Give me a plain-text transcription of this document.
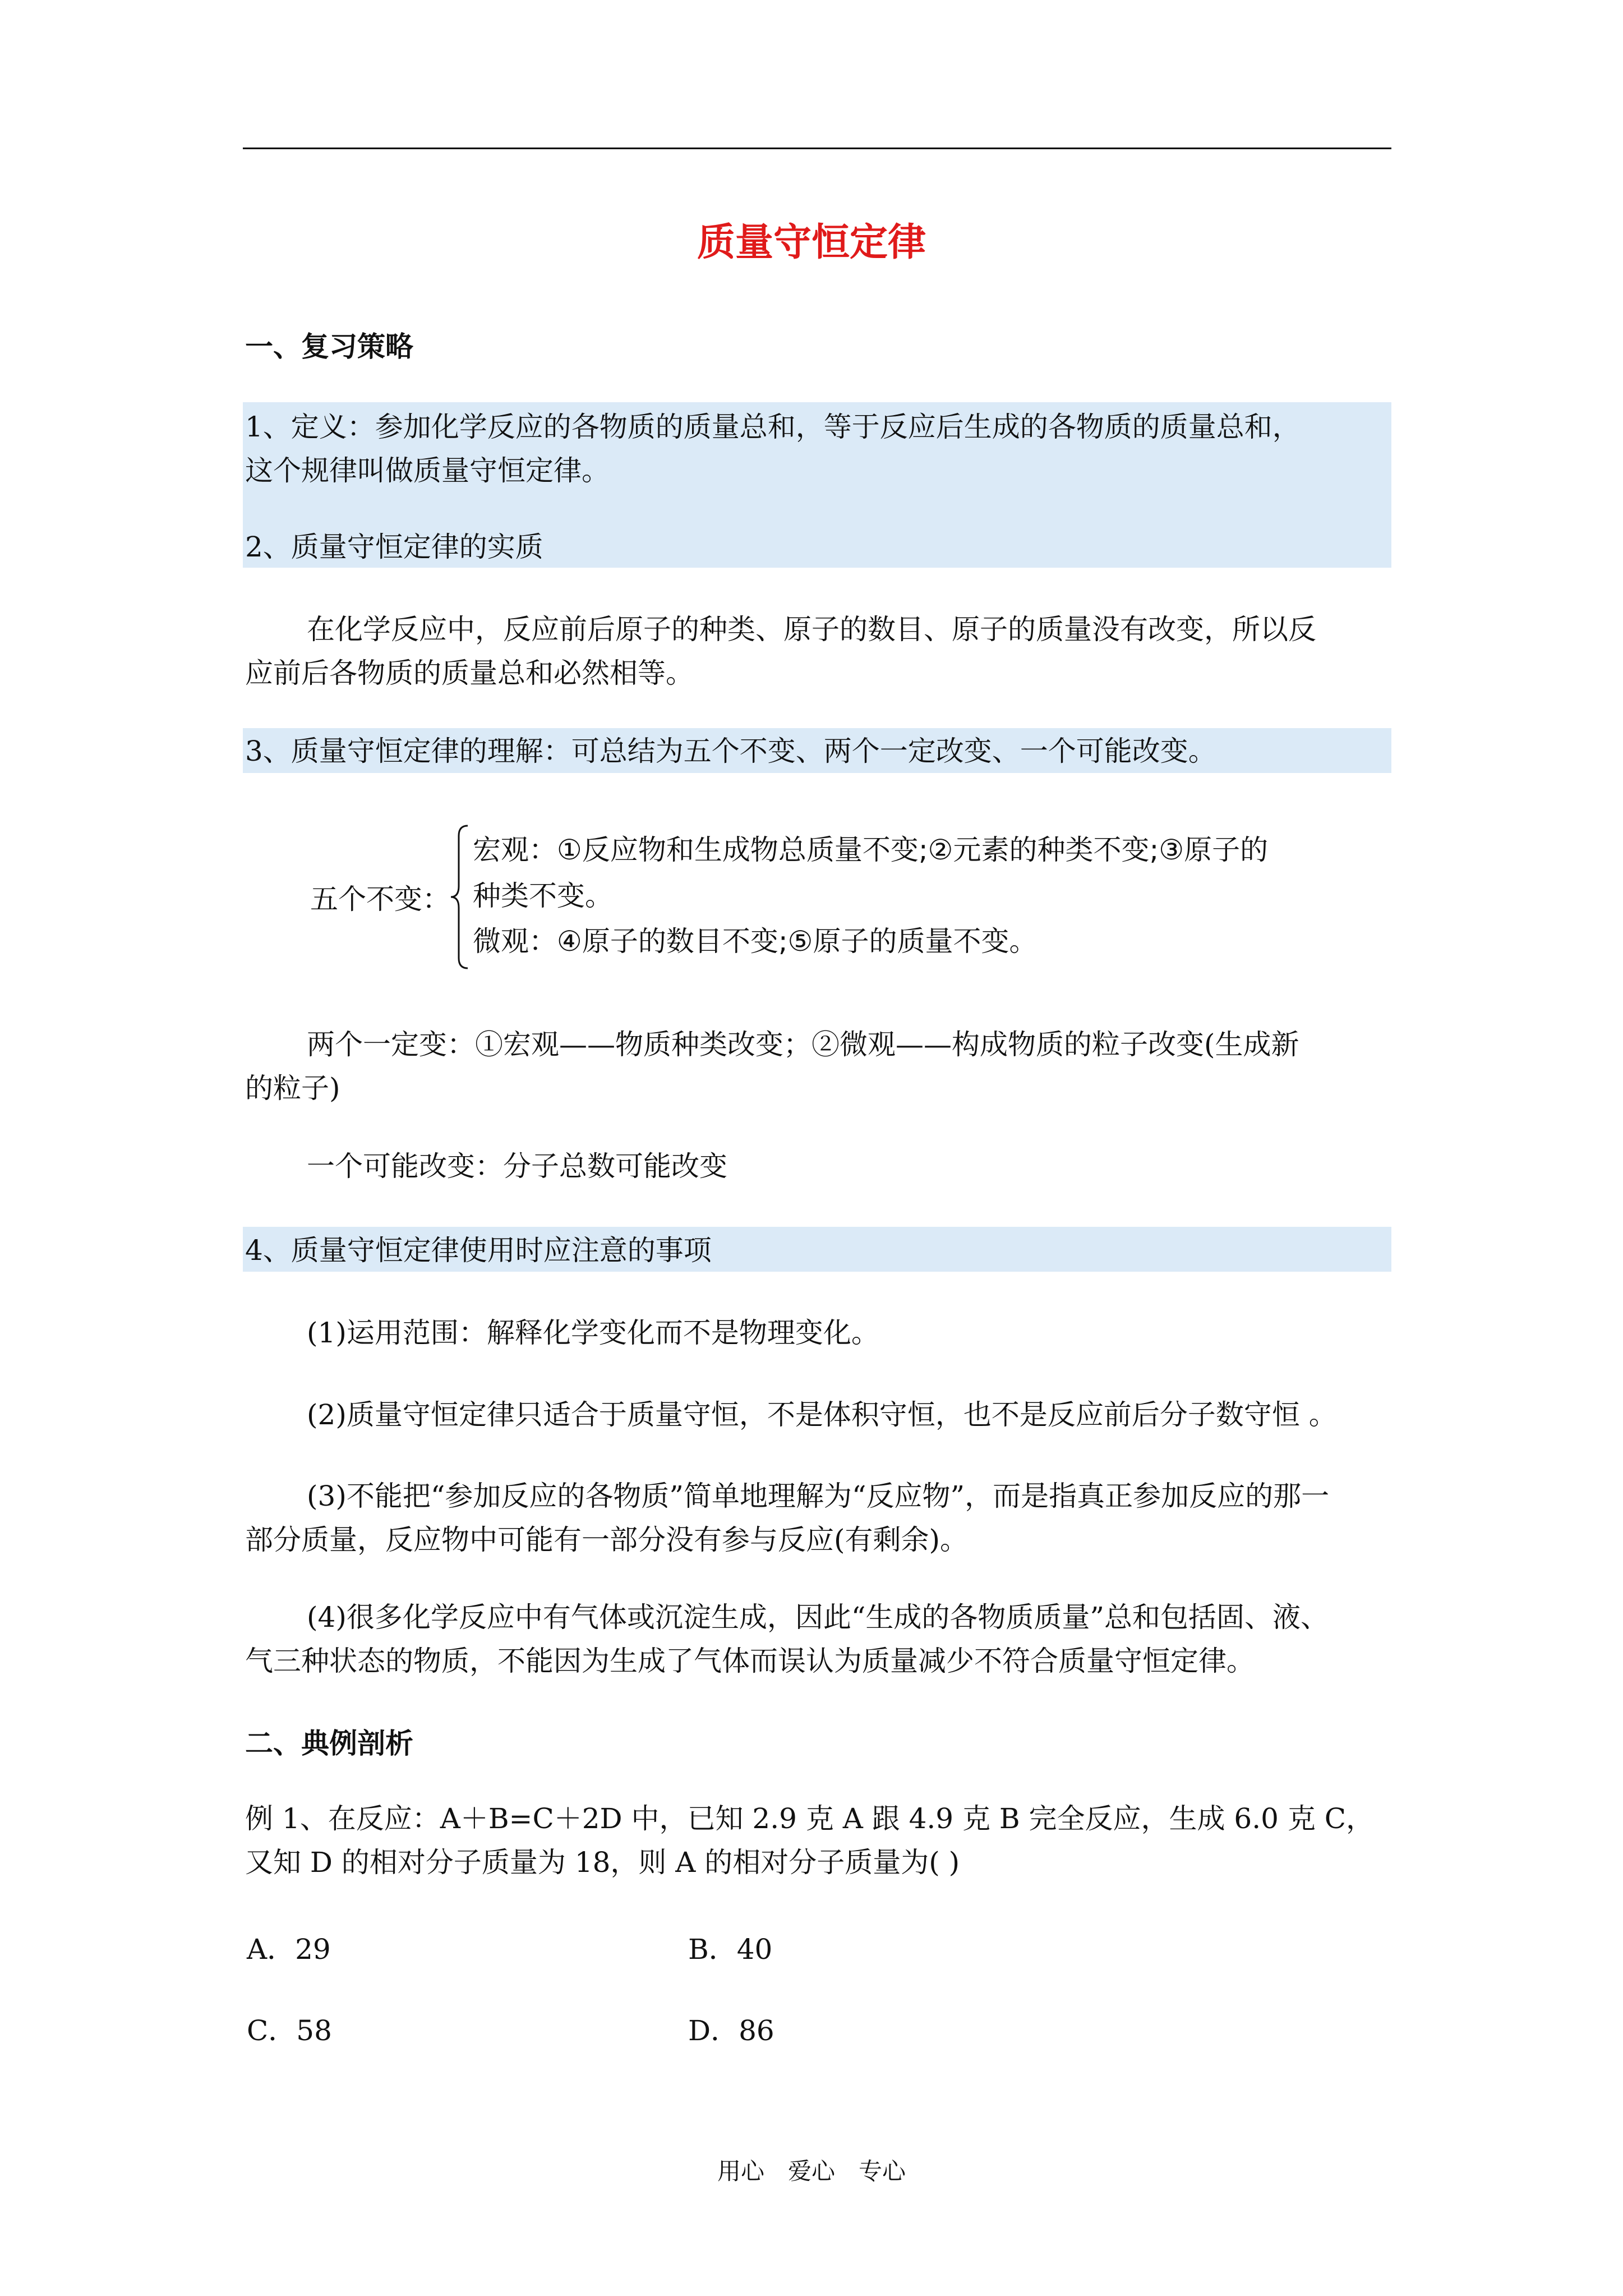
质量守恒定律
一、复习策略
1、定义：参加化学反应的各物质的质量总和，等于反应后生成的各物质的质量总和，
这个规律叫做质量守恒定律。
2、质量守恒定律的实质
在化学反应中，反应前后原子的种类、原子的数目、原子的质量没有改变，所以反
应前后各物质的质量总和必然相等。
3、质量守恒定律的理解：可总结为五个不变、两个一定改变、一个可能改变。
五个不变：
宏观：①反应物和生成物总质量不变;②元素的种类不变;③原子的
种类不变。
微观：④原子的数目不变;⑤原子的质量不变。
两个一定变：①宏观——物质种类改变；②微观——构成物质的粒子改变(生成新
的粒子)
一个可能改变：分子总数可能改变
4、质量守恒定律使用时应注意的事项
(1)运用范围：解释化学变化而不是物理变化。
(2)质量守恒定律只适合于质量守恒，不是体积守恒，也不是反应前后分子数守恒 。
(3)不能把“参加反应的各物质”简单地理解为“反应物”，而是指真正参加反应的那一
部分质量，反应物中可能有一部分没有参与反应(有剩余)。
(4)很多化学反应中有气体或沉淀生成，因此“生成的各物质质量”总和包括固、液、
气三种状态的物质，不能因为生成了气体而误认为质量减少不符合质量守恒定律。
二、典例剖析
例 1、在反应：A＋B=C＋2D 中，已知 2.9 克 A 跟 4.9 克 B 完全反应，生成 6.0 克 C，
又知 D 的相对分子质量为 18，则 A 的相对分子质量为( )
A．29	B．40
C．58	D．86
用心　爱心　专心
